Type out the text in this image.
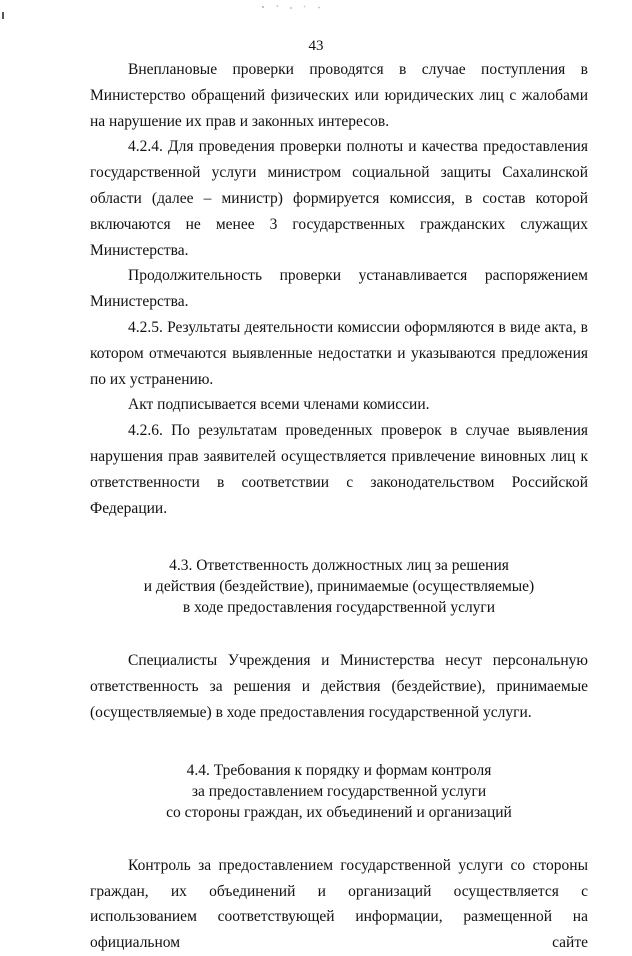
43

Внеплановые проверки проводятся в случае поступления в Министерство обращений физических или юридических лиц с жалобами на нарушение их прав и законных интересов.

4.2.4. Для проведения проверки полноты и качества предоставления государственной услуги министром социальной защиты Сахалинской области (далее – министр) формируется комиссия, в состав которой включаются не менее 3 государственных гражданских служащих Министерства.

Продолжительность проверки устанавливается распоряжением Министерства.

4.2.5. Результаты деятельности комиссии оформляются в виде акта, в котором отмечаются выявленные недостатки и указываются предложения по их устранению.

Акт подписывается всеми членами комиссии.

4.2.6. По результатам проведенных проверок в случае выявления нарушения прав заявителей осуществляется привлечение виновных лиц к ответственности в соответствии с законодательством Российской Федерации.

4.3. Ответственность должностных лиц за решения
и действия (бездействие), принимаемые (осуществляемые)
в ходе предоставления государственной услуги

Специалисты Учреждения и Министерства несут персональную ответственность за решения и действия (бездействие), принимаемые (осуществляемые) в ходе предоставления государственной услуги.

4.4. Требования к порядку и формам контроля
за предоставлением государственной услуги
со стороны граждан, их объединений и организаций

Контроль за предоставлением государственной услуги со стороны граждан, их объединений и организаций осуществляется с использованием соответствующей информации, размещенной на официальном сайте
